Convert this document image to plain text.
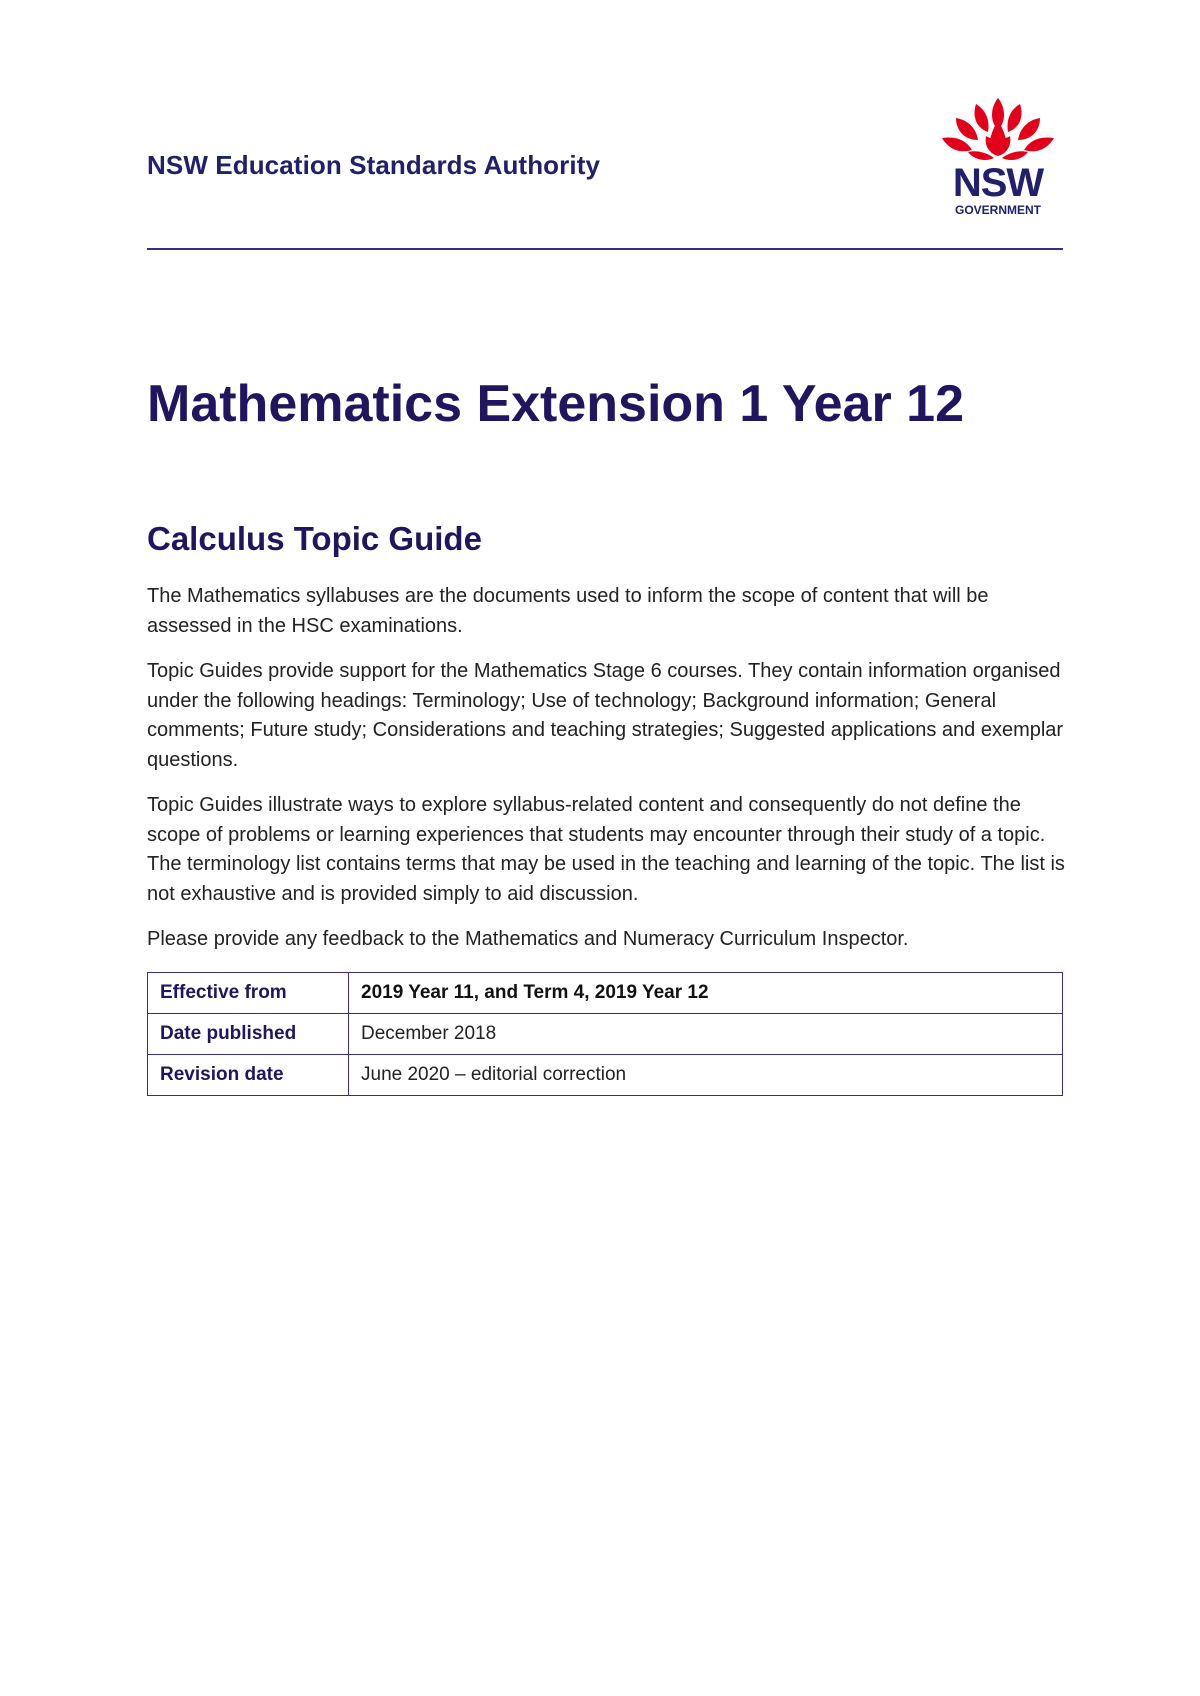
NSW Education Standards Authority	NSW
GOVERNMENT
Mathematics Extension 1 Year 12
Calculus Topic Guide

The Mathematics syllabuses are the documents used to inform the scope of content that will be assessed in the HSC examinations.

Topic Guides provide support for the Mathematics Stage 6 courses. They contain information organised under the following headings: Terminology; Use of technology; Background information; General comments; Future study; Considerations and teaching strategies; Suggested applications and exemplar questions.

Topic Guides illustrate ways to explore syllabus-related content and consequently do not define the scope of problems or learning experiences that students may encounter through their study of a topic. The terminology list contains terms that may be used in the teaching and learning of the topic. The list is not exhaustive and is provided simply to aid discussion.

Please provide any feedback to the Mathematics and Numeracy Curriculum Inspector.

Effective from	2019 Year 11, and Term 4, 2019 Year 12
Date published	December 2018
Revision date	June 2020 – editorial correction
